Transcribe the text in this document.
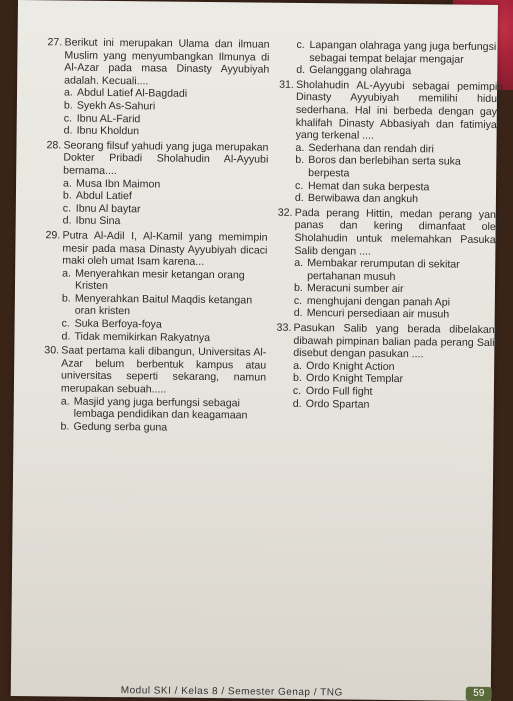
27. Berikut ini merupakan Ulama dan ilmuan Muslim yang menyumbangkan Ilmunya di Al-Azar pada masa Dinasty Ayyubiyah adalah. Kecuali....
a. Abdul Latief Al-Bagdadi
b. Syekh As-Sahuri
c. Ibnu AL-Farid
d. Ibnu Kholdun
28. Seorang filsuf yahudi yang juga merupakan Dokter Pribadi Sholahudin Al-Ayyubi bernama....
a. Musa Ibn Maimon
b. Abdul Latief
c. Ibnu Al baytar
d. Ibnu Sina
29. Putra Al-Adil I, Al-Kamil yang memimpin mesir pada masa Dinasty Ayyubiyah dicaci maki oleh umat Isam karena...
a. Menyerahkan mesir ketangan orang Kristen
b. Menyerahkan Baitul Maqdis ketangan oran kristen
c. Suka Berfoya-foya
d. Tidak memikirkan Rakyatnya
30. Saat pertama kali dibangun, Universitas Al-Azar belum berbentuk kampus atau universitas seperti sekarang, namun merupakan sebuah.....
a. Masjid yang juga berfungsi sebagai lembaga pendidikan dan keagamaan
b. Gedung serba guna
c. Lapangan olahraga yang juga berfungsi sebagai tempat belajar mengajar
d. Gelanggang olahraga
31. Sholahudin AL-Ayyubi sebagai pemimpin Dinasty Ayyubiyah memilihi hidup sederhana. Hal ini berbeda dengan gaya khalifah Dinasty Abbasiyah dan fatimiyah yang terkenal ....
a. Sederhana dan rendah diri
b. Boros dan berlebihan serta suka berpesta
c. Hemat dan suka berpesta
d. Berwibawa dan angkuh
32. Pada perang Hittin, medan perang yang panas dan kering dimanfaat oleh Sholahudin untuk melemahkan Pasukan Salib dengan ....
a. Membakar rerumputan di sekitar pertahanan musuh
b. Meracuni sumber air
c. menghujani dengan panah Api
d. Mencuri persediaan air musuh
33. Pasukan Salib yang berada dibelakang dibawah pimpinan balian pada perang Salib disebut dengan pasukan ....
a. Ordo Knight Action
b. Ordo Knight Templar
c. Ordo Full fight
d. Ordo Spartan
Modul SKI / Kelas 8 / Semester Genap / TNG	59
